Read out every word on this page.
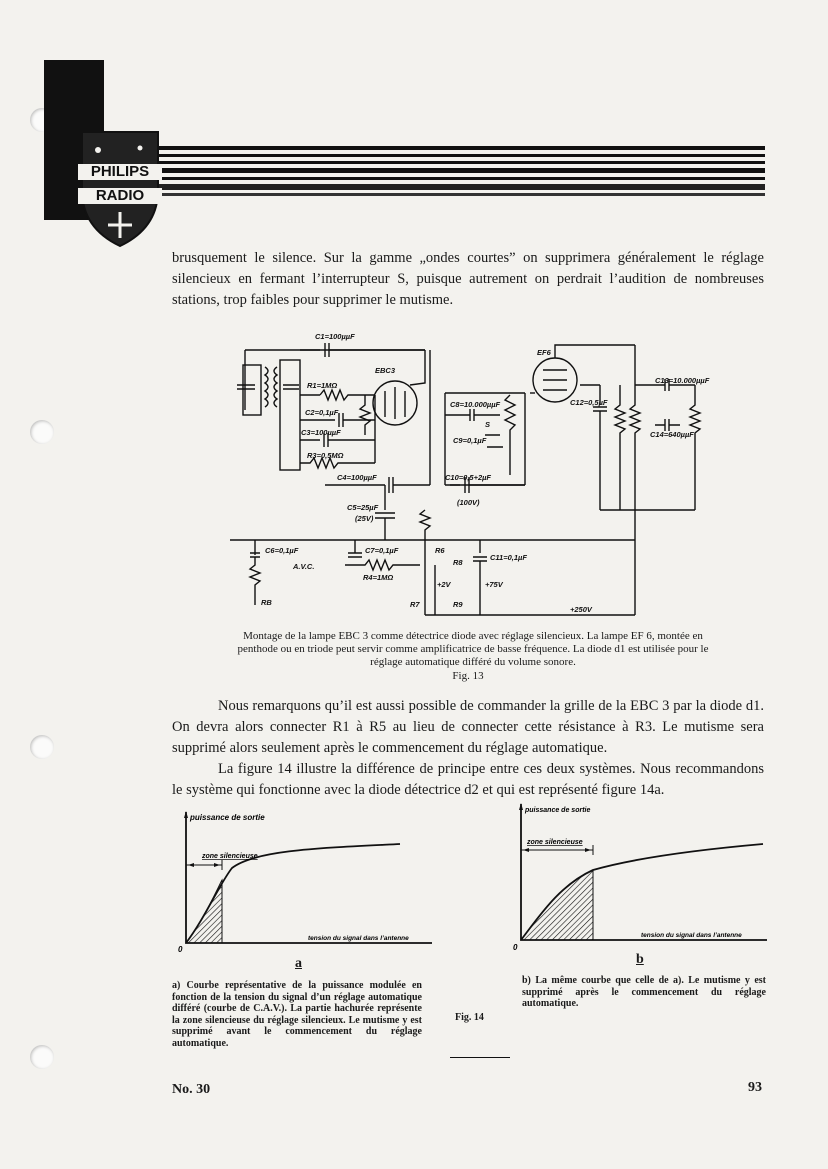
PHILIPS
RADIO
brusquement le silence. Sur la gamme „ondes courtes” on supprimera généralement le réglage silencieux en fermant l’interrupteur S, puisque autrement on perdrait l’audition de nombreuses stations, trop faibles pour supprimer le mutisme.
C1=100µµF
EBC3
EF6
R1=1MΩ
C2=0,1µF
C3=100µµF
R3=0,5MΩ
C4=100µµF
C5=25µF
(25V)
C6=0,1µF	C7=0,1µF
A.V.C.
R4=1MΩ
C8=10.000µµF
C9=0,1µF
S
C10=0,5+2µF
(100V)
C12=0,5µF
C13=10.000µµF
C14=640µµF
C11=0,1µF
R6
R8
R7	R9
RB
+2V	+75V
+250V
Montage de la lampe EBC 3 comme détectrice diode avec réglage silencieux. La lampe EF 6, montée en penthode ou en triode peut servir comme amplificatrice de basse fréquence. La diode d1 est utilisée pour le réglage automatique différé du volume sonore.
Fig. 13
Nous remarquons qu’il est aussi possible de commander la grille de la EBC 3 par la diode d1. On devra alors connecter R1 à R5 au lieu de connecter cette résistance à R3. Le mutisme sera supprimé alors seulement après le commencement du réglage automatique.
La figure 14 illustre la différence de principe entre ces deux systèmes. Nous recommandons le système qui fonctionne avec la diode détectrice d2 et qui est représenté figure 14a.
puissance de sortie
zone silencieuse
tension du signal dans l’antenne
0
a
puissance de sortie
zone silencieuse
tension du signal dans l’antenne
0
b
a) Courbe représentative de la puissance modulée en fonction de la tension du signal d’un réglage automatique différé (courbe de C.A.V.). La partie hachurée représente la zone silencieuse du réglage silencieux. Le mutisme y est supprimé avant le commencement du réglage automatique.
b) La même courbe que celle de a). Le mutisme y est supprimé après le commencement du réglage automatique.
Fig. 14
No. 30	93
